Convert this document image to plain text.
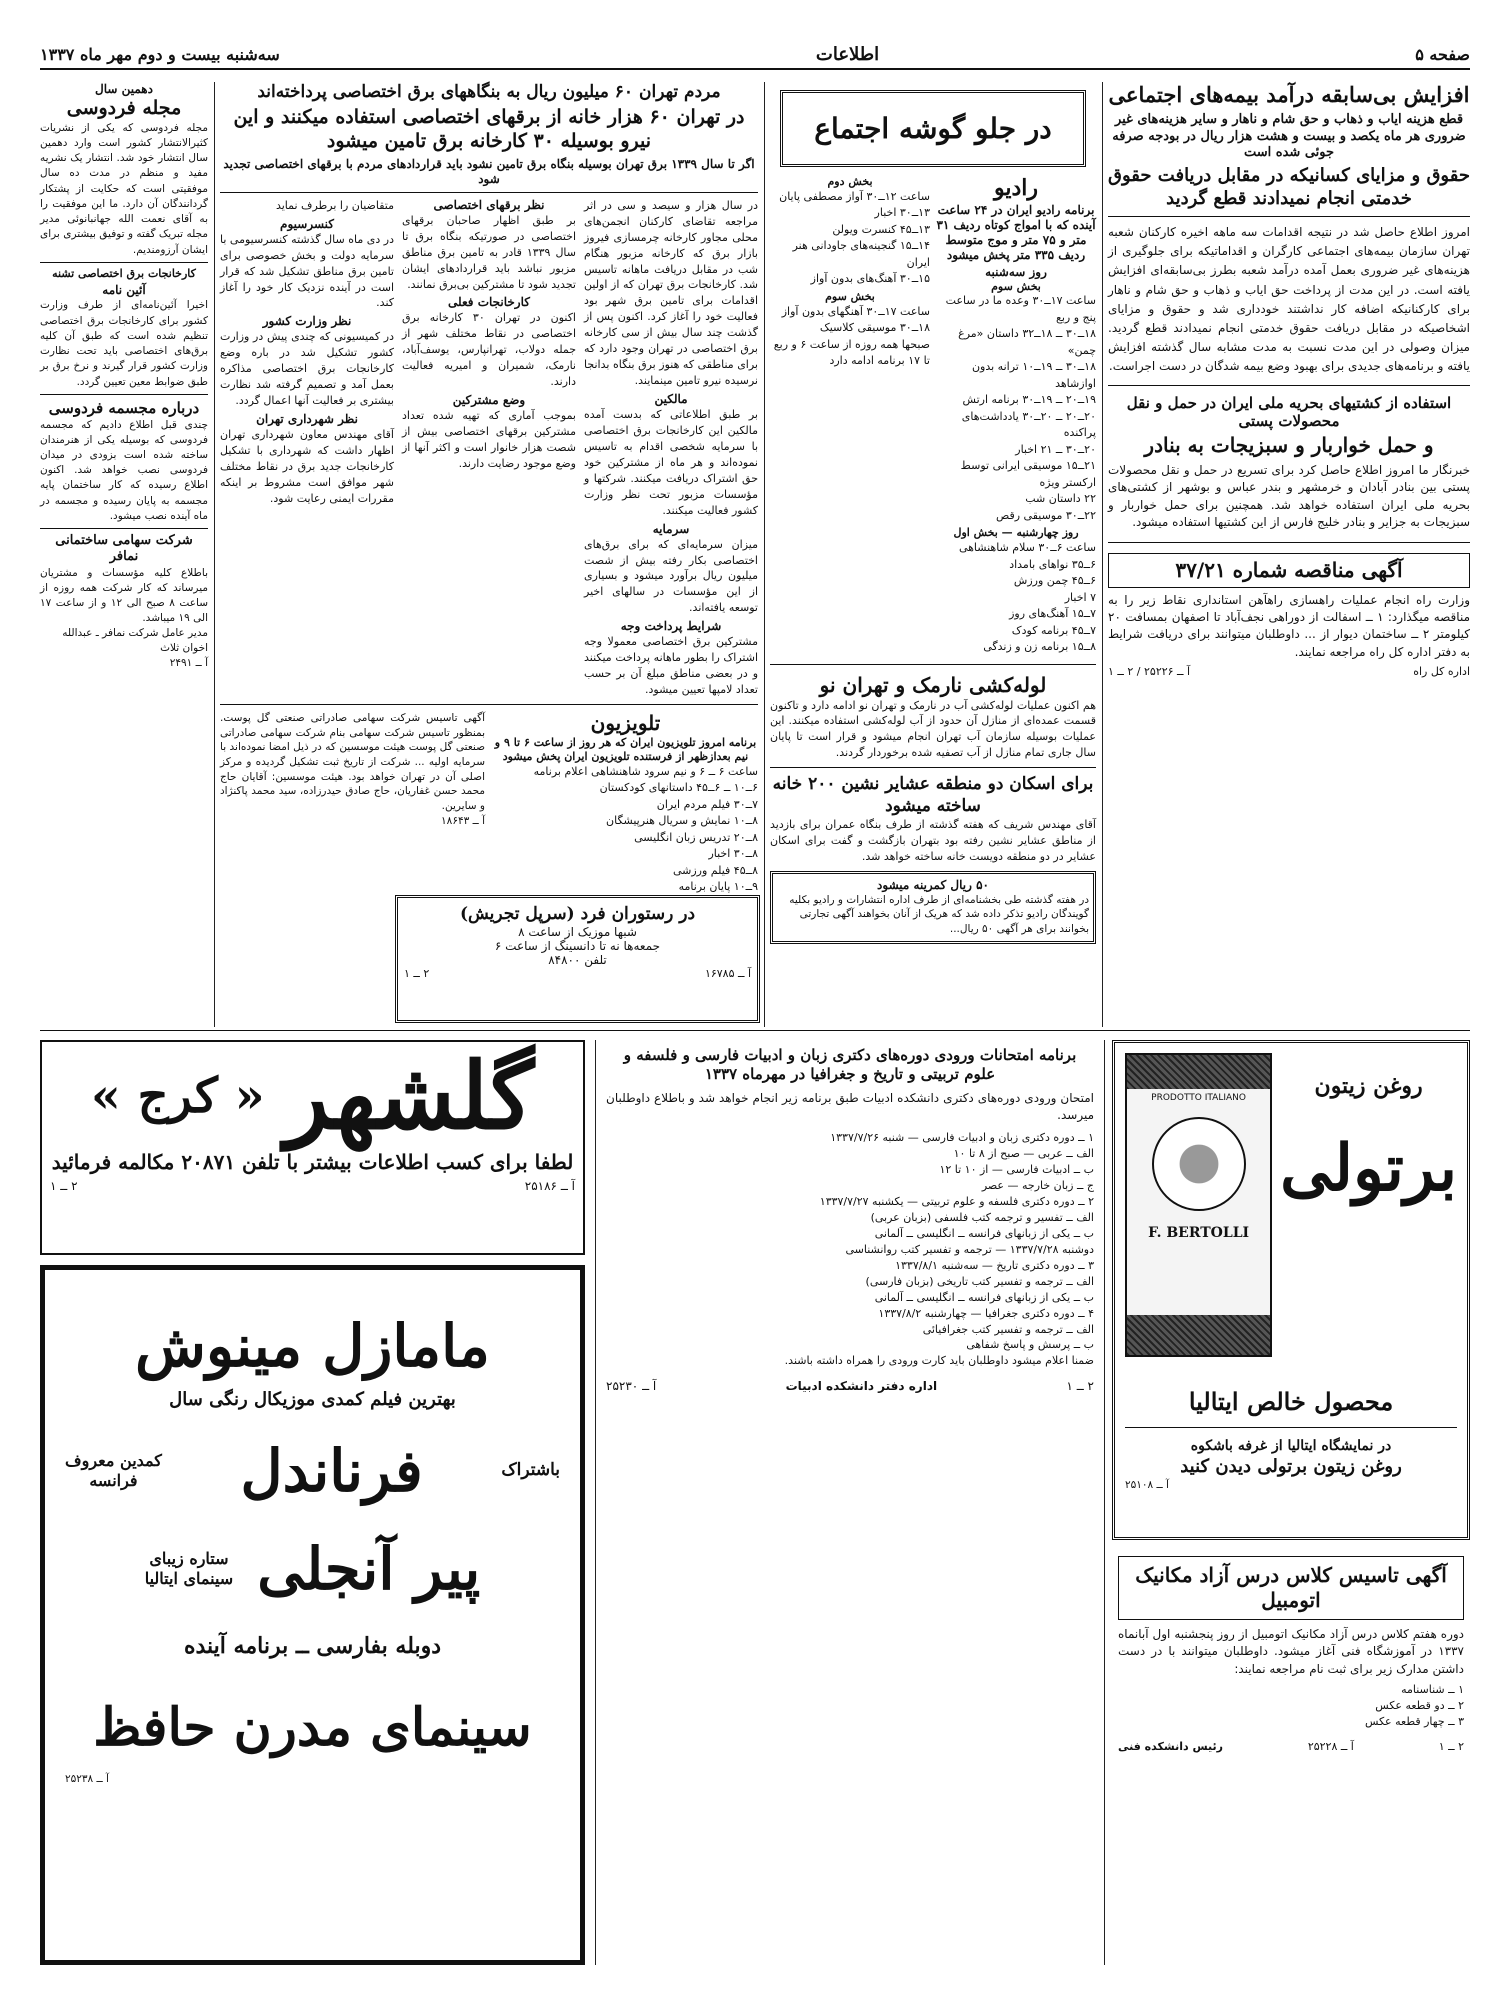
صفحه ۵
اطلاعات
سه‌شنبه بیست و دوم مهر ماه ۱۳۳۷
افزایش بی‌سابقه درآمد بیمه‌های اجتماعی
قطع هزینه ایاب و ذهاب و حق شام و ناهار و سایر هزینه‌های غیر ضروری هر ماه یکصد و بیست و هشت هزار ریال در بودجه صرفه جوئی شده است
حقوق و مزایای کسانیکه در مقابل دریافت حقوق خدمتی انجام نمیدادند قطع گردید
امروز اطلاع حاصل شد در نتیجه اقدامات سه ماهه اخیره کارکنان شعبه تهران سازمان بیمه‌های اجتماعی کارگران و اقداماتیکه برای جلوگیری از هزینه‌های غیر ضروری بعمل آمده درآمد شعبه بطرز بی‌سابقه‌ای افزایش یافته است. در این مدت از پرداخت حق ایاب و ذهاب و حق شام و ناهار برای کارکنانیکه اضافه کار نداشتند خودداری شد و حقوق و مزایای اشخاصیکه در مقابل دریافت حقوق خدمتی انجام نمیدادند قطع گردید. میزان وصولی در این مدت نسبت به مدت مشابه سال گذشته افزایش یافته و برنامه‌های جدیدی برای بهبود وضع بیمه شدگان در دست اجراست.
استفاده از کشتیهای بحریه ملی ایران در حمل و نقل محصولات پستی
و حمل خواربار و سبزیجات به بنادر
خبرنگار ما امروز اطلاع حاصل کرد برای تسریع در حمل و نقل محصولات پستی بین بنادر آبادان و خرمشهر و بندر عباس و بوشهر از کشتی‌های بحریه ملی ایران استفاده خواهد شد. همچنین برای حمل خواربار و سبزیجات به جزایر و بنادر خلیج فارس از این کشتیها استفاده میشود.
آگهی مناقصه شماره ۳۷/۲۱
وزارت راه انجام عملیات راهسازی راهآهن استانداری نقاط زیر را به مناقصه میگذارد: ۱ ــ اسفالت از دوراهی نجف‌آباد تا اصفهان بمسافت ۲۰ کیلومتر ۲ ــ ساختمان دیوار از ... داوطلبان میتوانند برای دریافت شرایط به دفتر اداره کل راه مراجعه نمایند.
اداره کل راه
آ ــ ۲۵۲۲۶ / ۲ ــ ۱
در جلو گوشه اجتماع
رادیو
برنامه رادیو ایران در ۲۴ ساعت آینده که با امواج کوتاه ردیف ۳۱ متر و ۷۵ متر و موج متوسط ردیف ۳۳۵ متر پخش میشود
روز سه‌شنبه
بخش سوم
ساعت ۱۷ــ۳۰ وعده ما در ساعت پنج و ربع
۱۸ــ۳۰ ــ ۱۸ــ۳۲ داستان «مرغ چمن»
۱۸ــ۳۰ ــ ۱۹ــ۱۰ ترانه بدون اوازشاهد
۱۹ــ۲۰ ــ ۱۹ــ۳۰ برنامه ارتش
۲۰ــ۲۰ ــ ۲۰ــ۳۰ یادداشت‌های پراکنده
۲۰ــ۳۰ ــ ۲۱ اخبار
۲۱ــ۱۵ موسیقی ایرانی توسط ارکستر ویژه
۲۲ داستان شب
۲۲ــ۳۰ موسیقی رقص
روز چهارشنبه — بخش اول
ساعت ۶ــ۳۰ سلام شاهنشاهی
۶ــ۳۵ نواهای بامداد
۶ــ۴۵ چمن ورزش
۷ اخبار
۷ــ۱۵ آهنگ‌های روز
۷ــ۴۵ برنامه کودک
۸ــ۱۵ برنامه زن و زندگی
بخش دوم
ساعت ۱۲ــ۳۰ آواز مصطفی پایان
۱۳ــ۳۰ اخبار
۱۳ــ۴۵ کنسرت ویولن
۱۴ــ۱۵ گنجینه‌های جاودانی هنر ایران
۱۵ــ۳۰ آهنگ‌های بدون آواز
بخش سوم
ساعت ۱۷ــ۳۰ آهنگهای بدون آواز
۱۸ــ۳۰ موسیقی کلاسیک
صبحها همه روزه از ساعت ۶ و ربع تا ۱۷ برنامه ادامه دارد
لوله‌کشی نارمک و تهران نو
هم اکنون عملیات لوله‌کشی آب در نارمک و تهران نو ادامه دارد و تاکنون قسمت عمده‌ای از منازل آن حدود از آب لوله‌کشی استفاده میکنند. این عملیات بوسیله سازمان آب تهران انجام میشود و قرار است تا پایان سال جاری تمام منازل از آب تصفیه شده برخوردار گردند.
برای اسکان دو منطقه عشایر نشین ۲۰۰ خانه ساخته میشود
آقای مهندس شریف که هفته گذشته از طرف بنگاه عمران برای بازدید از مناطق عشایر نشین رفته بود بتهران بازگشت و گفت برای اسکان عشایر در دو منطقه دویست خانه ساخته خواهد شد.
۵۰ ریال کمرینه میشود
در هفته گذشته طی بخشنامه‌ای از طرف اداره انتشارات و رادیو بکلیه گویندگان رادیو تذکر داده شد که هریک از آنان بخواهند آگهی تجارتی بخوانند برای هر آگهی ۵۰ ریال...
مردم تهران ۶۰ میلیون ریال به بنگاههای برق اختصاصی پرداخته‌اند
در تهران ۶۰ هزار خانه از برقهای اختصاصی استفاده میکنند و این نیرو بوسیله ۳۰ کارخانه برق تامین میشود
اگر تا سال ۱۳۳۹ برق تهران بوسیله بنگاه برق تامین نشود باید قراردادهای مردم با برقهای اختصاصی تجدید شود
در سال هزار و سیصد و سی در اثر مراجعه تقاضای کارکنان انجمن‌های محلی مجاور کارخانه چرمسازی فیروز بازار برق که کارخانه مزبور هنگام شب در مقابل دریافت ماهانه تاسیس شد. کارخانجات برق تهران که از اولین اقدامات برای تامین برق شهر بود فعالیت خود را آغاز کرد. اکنون پس از گذشت چند سال بیش از سی کارخانه برق اختصاصی در تهران وجود دارد که برای مناطقی که هنوز برق بنگاه بدانجا نرسیده نیرو تامین مینمایند.
مالکین
بر طبق اطلاعاتی که بدست آمده مالکین این کارخانجات برق اختصاصی با سرمایه شخصی اقدام به تاسیس نموده‌اند و هر ماه از مشترکین خود حق اشتراک دریافت میکنند. شرکتها و مؤسسات مزبور تحت نظر وزارت کشور فعالیت میکنند.
سرمایه
میزان سرمایه‌ای که برای برق‌های اختصاصی بکار رفته بیش از شصت میلیون ریال برآورد میشود و بسیاری از این مؤسسات در سالهای اخیر توسعه یافته‌اند.
شرایط پرداخت وجه
مشترکین برق اختصاصی معمولا وجه اشتراک را بطور ماهانه پرداخت میکنند و در بعضی مناطق مبلغ آن بر حسب تعداد لامپها تعیین میشود.
نظر برقهای اختصاصی
بر طبق اظهار صاحبان برقهای اختصاصی در صورتیکه بنگاه برق تا سال ۱۳۳۹ قادر به تامین برق مناطق مزبور نباشد باید قراردادهای ایشان تجدید شود تا مشترکین بی‌برق نمانند.
کارخانجات فعلی
اکنون در تهران ۳۰ کارخانه برق اختصاصی در نقاط مختلف شهر از جمله دولاب، تهرانپارس، یوسف‌آباد، نارمک، شمیران و امیریه فعالیت دارند.
وضع مشترکین
بموجب آماری که تهیه شده تعداد مشترکین برقهای اختصاصی بیش از شصت هزار خانوار است و اکثر آنها از وضع موجود رضایت دارند.
متقاضیان را برطرف نماید
کنسرسیوم
در دی ماه سال گذشته کنسرسیومی با سرمایه دولت و بخش خصوصی برای تامین برق مناطق تشکیل شد که قرار است در آینده نزدیک کار خود را آغاز کند.
نظر وزارت کشور
در کمیسیونی که چندی پیش در وزارت کشور تشکیل شد در باره وضع کارخانجات برق اختصاصی مذاکره بعمل آمد و تصمیم گرفته شد نظارت بیشتری بر فعالیت آنها اعمال گردد.
نظر شهرداری تهران
آقای مهندس معاون شهرداری تهران اظهار داشت که شهرداری با تشکیل کارخانجات جدید برق در نقاط مختلف شهر موافق است مشروط بر اینکه مقررات ایمنی رعایت شود.
تلویزیون
برنامه امروز تلویزیون ایران که هر روز از ساعت ۶ تا ۹ و نیم بعدازظهر از فرستنده تلویزیون ایران پخش میشود
ساعت ۶ ــ ۶ و نیم سرود شاهنشاهی اعلام برنامه
۶ــ۱۰ ــ ۶ــ۴۵ داستانهای کودکستان
۷ــ۳۰ فیلم مردم ایران
۸ــ۱۰ نمایش و سریال هنرپیشگان
۸ــ۲۰ تدریس زبان انگلیسی
۸ــ۳۰ اخبار
۸ــ۴۵ فیلم ورزشی
۹ــ۱۰ پایان برنامه
آگهی تاسیس شرکت سهامی صادراتی صنعتی گل پوست. بمنظور تاسیس شرکت سهامی بنام شرکت سهامی صادراتی صنعتی گل پوست هیئت موسسین که در ذیل امضا نموده‌اند با سرمایه اولیه ... شرکت از تاریخ ثبت تشکیل گردیده و مرکز اصلی آن در تهران خواهد بود. هیئت موسسین: آقایان حاج محمد حسن غفاریان، حاج صادق حیدرزاده، سید محمد پاکنژاد و سایرین.
آ ــ ۱۸۶۴۳
در رستوران فرد (سرپل تجریش)
شبها موزیک از ساعت ۸
جمعه‌ها نه تا دانسینگ از ساعت ۶
تلفن ۸۴۸۰۰
آ ــ ۱۶۷۸۵
۲ ــ ۱
دهمین سال
مجله فردوسی
مجله فردوسی که یکی از نشریات کثیرالانتشار کشور است وارد دهمین سال انتشار خود شد. انتشار یک نشریه مفید و منظم در مدت ده سال موفقیتی است که حکایت از پشتکار گردانندگان آن دارد. ما این موفقیت را به آقای نعمت الله جهانبانوئی مدیر مجله تبریک گفته و توفیق بیشتری برای ایشان آرزومندیم.
کارخانجات برق اختصاصی تشنه
آئین نامه
اخیرا آئین‌نامه‌ای از طرف وزارت کشور برای کارخانجات برق اختصاصی تنظیم شده است که طبق آن کلیه برق‌های اختصاصی باید تحت نظارت وزارت کشور قرار گیرند و نرخ برق بر طبق ضوابط معین تعیین گردد.
درباره مجسمه فردوسی
چندی قبل اطلاع دادیم که مجسمه فردوسی که بوسیله یکی از هنرمندان ساخته شده است بزودی در میدان فردوسی نصب خواهد شد. اکنون اطلاع رسیده که کار ساختمان پایه مجسمه به پایان رسیده و مجسمه در ماه آینده نصب میشود.
شرکت سهامی ساختمانی نمافر
باطلاع کلیه مؤسسات و مشتریان میرساند که کار شرکت همه روزه از ساعت ۸ صبح الی ۱۲ و از ساعت ۱۷ الی ۱۹ میباشد.
مدیر عامل شرکت نمافر ـ عبدالله اخوان ثلاث
آ ــ ۲۴۹۱
گلشهر
« کرج »
لطفا برای کسب اطلاعات بیشتر با تلفن ۲۰۸۷۱ مکالمه فرمائید
آ ــ ۲۵۱۸۶
۲ ــ ۱
مامازل مینوش
بهترین فیلم کمدی موزیکال رنگی سال
باشتراک
فرناندل
کمدین معروف
فرانسه
پیر آنجلی
ستاره زیبای
سینمای ایتالیا
دوبله بفارسی ــ برنامه آینده
سینمای مدرن حافظ
آ ــ ۲۵۲۳۸
برنامه امتحانات ورودی دوره‌های دکتری زبان و ادبیات فارسی و فلسفه و علوم تربیتی و تاریخ و جغرافیا در مهرماه ۱۳۳۷
امتحان ورودی دوره‌های دکتری دانشکده ادبیات طبق برنامه زیر انجام خواهد شد و باطلاع داوطلبان میرسد.
۱ ــ دوره دکتری زبان و ادبیات فارسی — شنبه ۱۳۳۷/۷/۲۶
الف ــ عربی — صبح از ۸ تا ۱۰
ب ــ ادبیات فارسی — از ۱۰ تا ۱۲
ج ــ زبان خارجه — عصر
۲ ــ دوره دکتری فلسفه و علوم تربیتی — یکشنبه ۱۳۳۷/۷/۲۷
الف ــ تفسیر و ترجمه کتب فلسفی (بزبان عربی)
ب ــ یکی از زبانهای فرانسه ــ انگلیسی ــ آلمانی
دوشنبه ۱۳۳۷/۷/۲۸ — ترجمه و تفسیر کتب روانشناسی
۳ ــ دوره دکتری تاریخ — سه‌شنبه ۱۳۳۷/۸/۱
الف ــ ترجمه و تفسیر کتب تاریخی (بزبان فارسی)
ب ــ یکی از زبانهای فرانسه ــ انگلیسی ــ آلمانی
۴ ــ دوره دکتری جغرافیا — چهارشنبه ۱۳۳۷/۸/۲
الف ــ ترجمه و تفسیر کتب جغرافیائی
ب ــ پرسش و پاسخ شفاهی
ضمنا اعلام میشود داوطلبان باید کارت ورودی را همراه داشته باشند.
۲ ــ ۱
اداره دفتر دانشکده ادبیات
آ ــ ۲۵۲۳۰
روغن زیتون
برتولی
PRODOTTO ITALIANO
F. BERTOLLI
محصول خالص ایتالیا
در نمایشگاه ایتالیا از غرفه باشکوه
روغن زیتون برتولی دیدن کنید
آ ــ ۲۵۱۰۸
آگهی تاسیس کلاس درس آزاد مکانیک اتومبیل
دوره هفتم کلاس درس آزاد مکانیک اتومبیل از روز پنجشنبه اول آبانماه ۱۳۳۷ در آموزشگاه فنی آغاز میشود. داوطلبان میتوانند با در دست داشتن مدارک زیر برای ثبت نام مراجعه نمایند:
۱ ــ شناسنامه
۲ ــ دو قطعه عکس
۳ ــ چهار قطعه عکس
۲ ــ ۱
آ ــ ۲۵۲۲۸
رئیس دانشکده فنی
